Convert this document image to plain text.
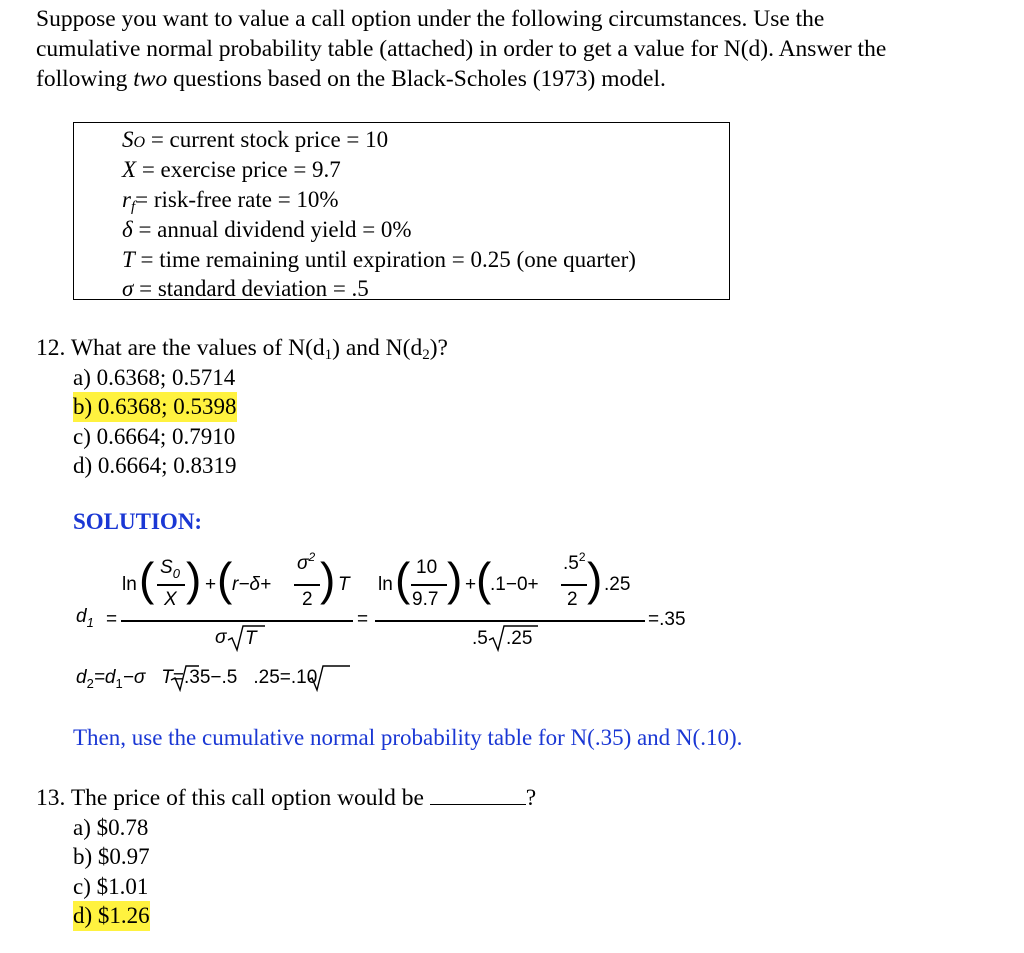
Suppose you want to value a call option under the following circumstances. Use the
cumulative normal probability table (attached) in order to get a value for N(d). Answer the
following two questions based on the Black-Scholes (1973) model.
SO = current stock price = 10
X = exercise price = 9.7
rf= risk-free rate = 10%
δ = annual dividend yield = 0%
T = time remaining until expiration = 0.25 (one quarter)
σ = standard deviation = .5
12. What are the values of N(d1) and N(d2)?
a) 0.6368; 0.5714
b) 0.6368; 0.5398
c) 0.6664; 0.7910
d) 0.6664; 0.8319
SOLUTION:
$d_1$ =
ln ( $S_0$
X ) + ( r−δ+
$\sigma^2$
2 ) T
σ T
=
ln ( 10
9.7 ) + (
.1−0+
$.5^2$
2 ) .25
.5 .25
=.35
$d_2=d_1-\sigma$ T=.35−.5 .25=.10
Then, use the cumulative normal probability table for N(.35) and N(.10).
13. The price of this call option would be	?
a) $0.78
b) $0.97
c) $1.01
d) $1.26
